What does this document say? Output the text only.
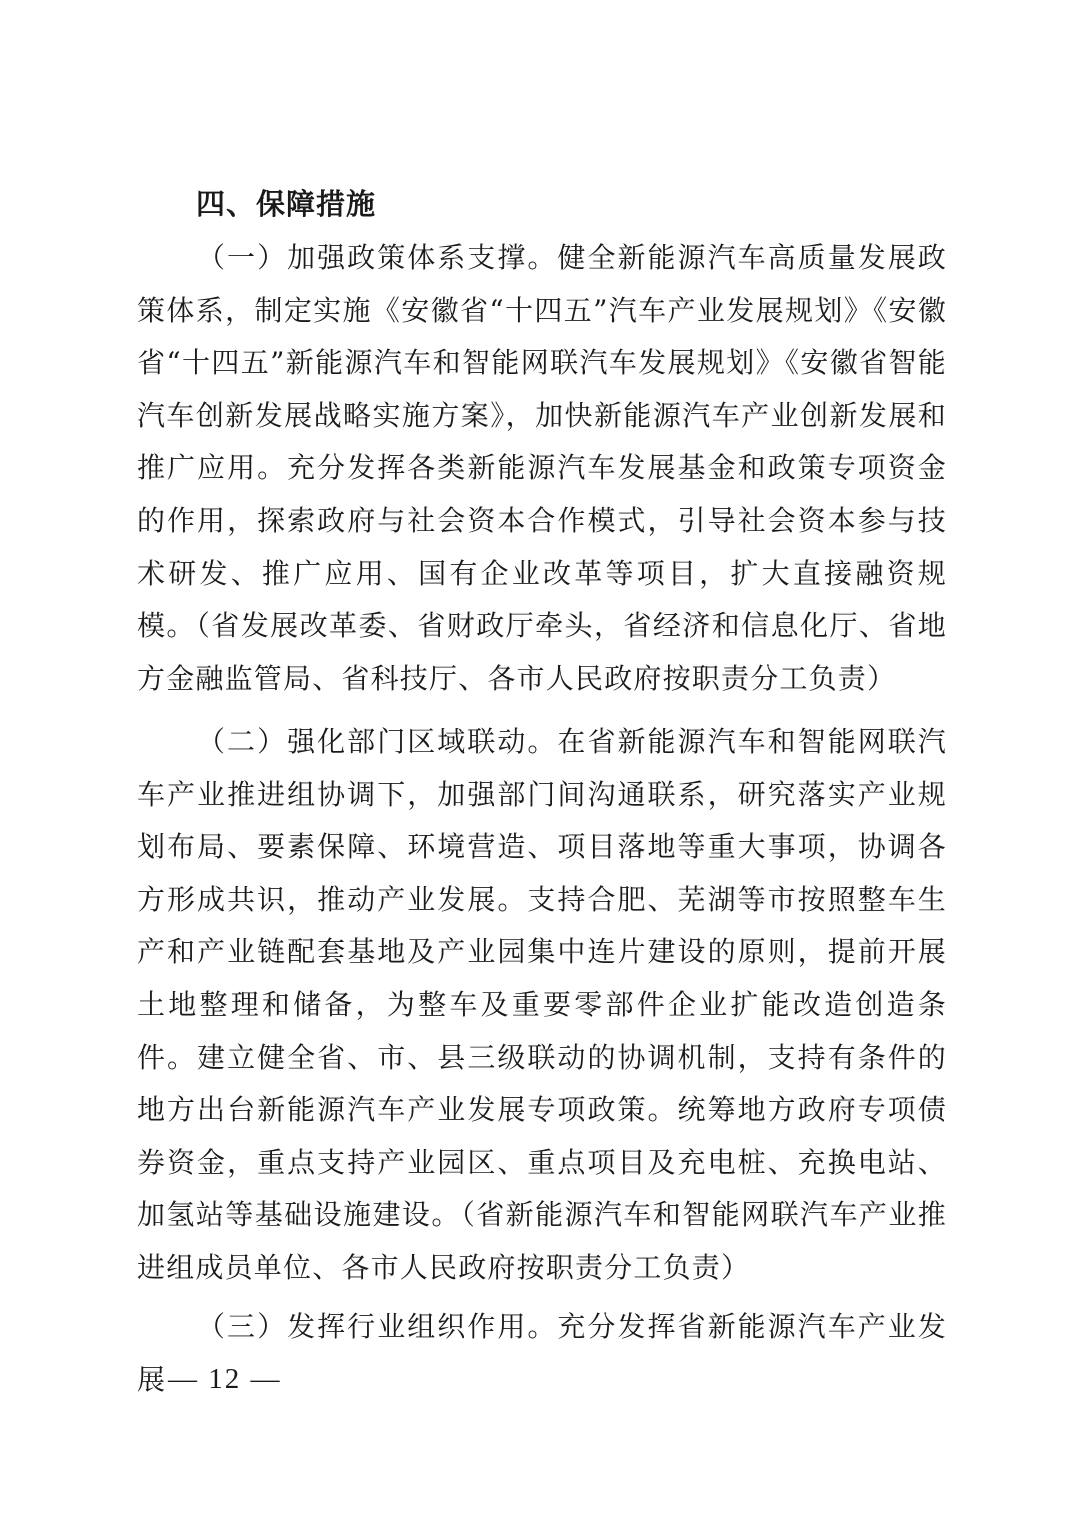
四、保障措施

（一）加强政策体系支撑。健全新能源汽车高质量发展政策体系，制定实施《安徽省“十四五”汽车产业发展规划》《安徽省“十四五”新能源汽车和智能网联汽车发展规划》《安徽省智能汽车创新发展战略实施方案》，加快新能源汽车产业创新发展和推广应用。充分发挥各类新能源汽车发展基金和政策专项资金的作用，探索政府与社会资本合作模式，引导社会资本参与技术研发、推广应用、国有企业改革等项目，扩大直接融资规模。（省发展改革委、省财政厅牵头，省经济和信息化厅、省地方金融监管局、省科技厅、各市人民政府按职责分工负责）

（二）强化部门区域联动。在省新能源汽车和智能网联汽车产业推进组协调下，加强部门间沟通联系，研究落实产业规划布局、要素保障、环境营造、项目落地等重大事项，协调各方形成共识，推动产业发展。支持合肥、芜湖等市按照整车生产和产业链配套基地及产业园集中连片建设的原则，提前开展土地整理和储备，为整车及重要零部件企业扩能改造创造条件。建立健全省、市、县三级联动的协调机制，支持有条件的地方出台新能源汽车产业发展专项政策。统筹地方政府专项债券资金，重点支持产业园区、重点项目及充电桩、充换电站、加氢站等基础设施建设。（省新能源汽车和智能网联汽车产业推进组成员单位、各市人民政府按职责分工负责）

（三）发挥行业组织作用。充分发挥省新能源汽车产业发展 — 12 —
